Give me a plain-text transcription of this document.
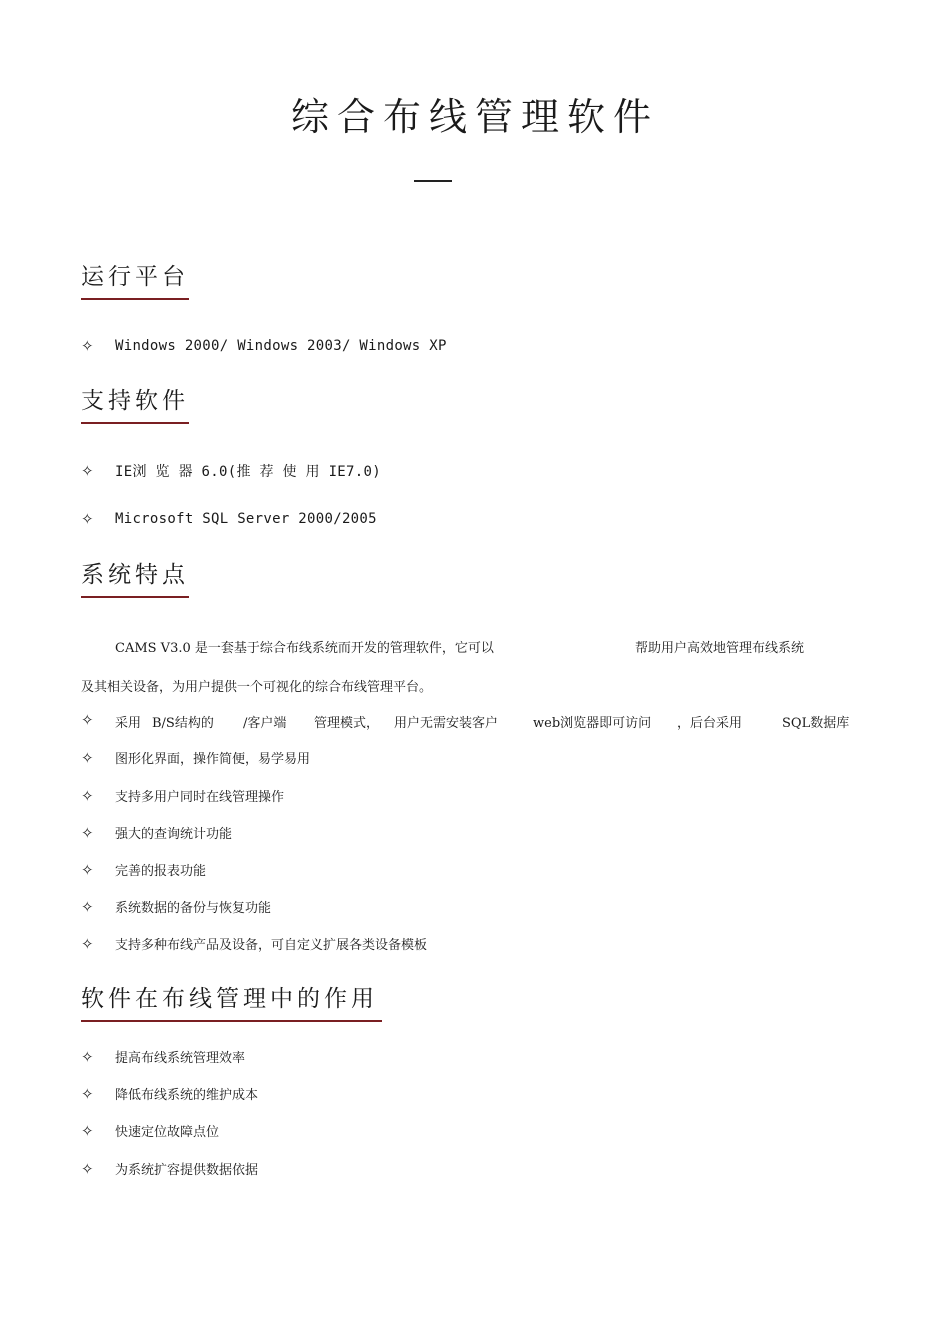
综合布线管理软件
运行平台
✧	Windows 2000/ Windows 2003/ Windows XP
支持软件
✧	IE浏 览 器 6.0(推 荐 使 用 IE7.0)
✧	Microsoft SQL Server 2000/2005
系统特点
CAMS V3.0 是一套基于综合布线系统而开发的管理软件，它可以	帮助用户高效地管理布线系统
及其相关设备，为用户提供一个可视化的综合布线管理平台。
✧	采用 B/S结构的 /客户端 管理模式， 用户无需安装客户	web浏览器即可访问 ，后台采用	SQL数据库
✧	图形化界面，操作简便，易学易用
✧	支持多用户同时在线管理操作
✧	强大的查询统计功能
✧	完善的报表功能
✧	系统数据的备份与恢复功能
✧	支持多种布线产品及设备，可自定义扩展各类设备模板
软件在布线管理中的作用
✧	提高布线系统管理效率
✧	降低布线系统的维护成本
✧	快速定位故障点位
✧	为系统扩容提供数据依据
